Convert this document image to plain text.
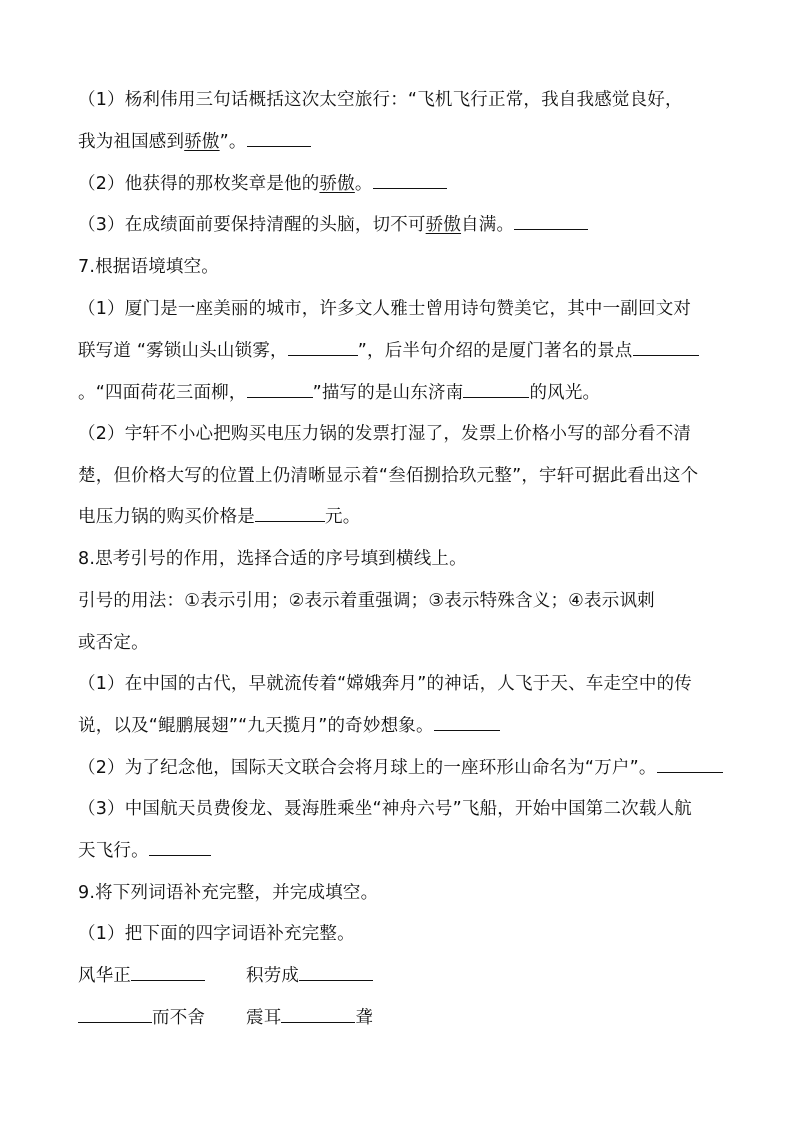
（1）杨利伟用三句话概括这次太空旅行：“飞机飞行正常，我自我感觉良好，
我为祖国感到骄傲”。
（2）他获得的那枚奖章是他的骄傲。
（3）在成绩面前要保持清醒的头脑，切不可骄傲自满。
7.根据语境填空。
（1）厦门是一座美丽的城市，许多文人雅士曾用诗句赞美它，其中一副回文对
联写道 “雾锁山头山锁雾，	”，后半句介绍的是厦门著名的景点
。“四面荷花三面柳，	”描写的是山东济南	的风光。
（2）宇轩不小心把购买电压力锅的发票打湿了，发票上价格小写的部分看不清
楚，但价格大写的位置上仍清晰显示着“叁佰捌拾玖元整”，宇轩可据此看出这个
电压力锅的购买价格是	元。
8.思考引号的作用，选择合适的序号填到横线上。
引号的用法：①表示引用；②表示着重强调；③表示特殊含义；④表示讽刺
或否定。
（1）在中国的古代，早就流传着“嫦娥奔月”的神话，人飞于天、车走空中的传
说，以及“鲲鹏展翅”“九天揽月”的奇妙想象。
（2）为了纪念他，国际天文联合会将月球上的一座环形山命名为“万户”。
（3）中国航天员费俊龙、聂海胜乘坐“神舟六号”飞船，开始中国第二次载人航
天飞行。
9.将下列词语补充完整，并完成填空。
（1）把下面的四字词语补充完整。
风华正	积劳成
而不舍 震耳	聋
